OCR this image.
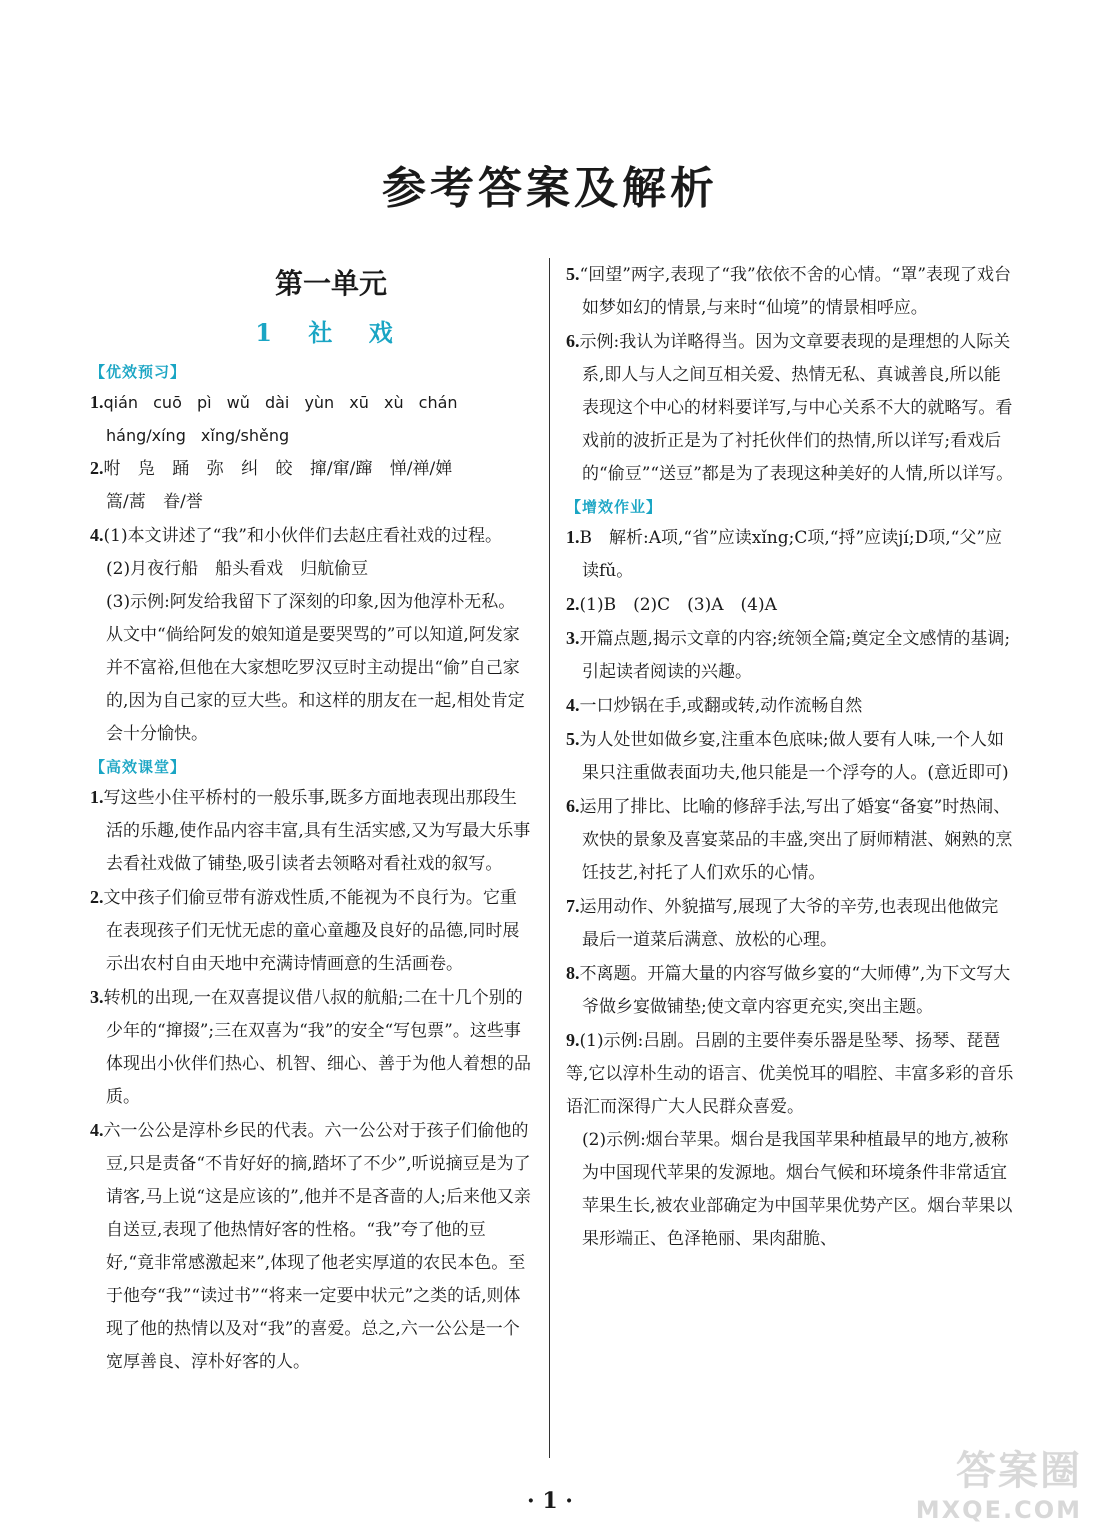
参考答案及解析
第一单元
1 社 戏
【优效预习】
1.qián cuō pì wǔ dài yùn xū xù chán
háng/xíng xǐng/shěng
2.咐 凫 踊 弥 纠 皎 撺/窜/蹿 惮/禅/婵
篙/蒿 眷/誉
4.(1)本文讲述了“我”和小伙伴们去赵庄看社戏的过程。
(2)月夜行船　船头看戏　归航偷豆
(3)示例:阿发给我留下了深刻的印象,因为他淳朴无私。从文中“倘给阿发的娘知道是要哭骂的”可以知道,阿发家并不富裕,但他在大家想吃罗汉豆时主动提出“偷”自己家的,因为自己家的豆大些。和这样的朋友在一起,相处肯定会十分愉快。
【高效课堂】
1.写这些小住平桥村的一般乐事,既多方面地表现出那段生活的乐趣,使作品内容丰富,具有生活实感,又为写最大乐事去看社戏做了铺垫,吸引读者去领略对看社戏的叙写。
2.文中孩子们偷豆带有游戏性质,不能视为不良行为。它重在表现孩子们无忧无虑的童心童趣及良好的品德,同时展示出农村自由天地中充满诗情画意的生活画卷。
3.转机的出现,一在双喜提议借八叔的航船;二在十几个别的少年的“撺掇”;三在双喜为“我”的安全“写包票”。这些事体现出小伙伴们热心、机智、细心、善于为他人着想的品质。
4.六一公公是淳朴乡民的代表。六一公公对于孩子们偷他的豆,只是责备“不肯好好的摘,踏坏了不少”,听说摘豆是为了请客,马上说“这是应该的”,他并不是吝啬的人;后来他又亲自送豆,表现了他热情好客的性格。“我”夸了他的豆好,“竟非常感激起来”,体现了他老实厚道的农民本色。至于他夸“我”“读过书”“将来一定要中状元”之类的话,则体现了他的热情以及对“我”的喜爱。总之,六一公公是一个宽厚善良、淳朴好客的人。
5.“回望”两字,表现了“我”依依不舍的心情。“罩”表现了戏台如梦如幻的情景,与来时“仙境”的情景相呼应。
6.示例:我认为详略得当。因为文章要表现的是理想的人际关系,即人与人之间互相关爱、热情无私、真诚善良,所以能表现这个中心的材料要详写,与中心关系不大的就略写。看戏前的波折正是为了衬托伙伴们的热情,所以详写;看戏后的“偷豆”“送豆”都是为了表现这种美好的人情,所以详写。
【增效作业】
1.B　解析:A项,“省”应读xǐng;C项,“捋”应读jí;D项,“父”应读fǔ。
2.(1)B　(2)C　(3)A　(4)A
3.开篇点题,揭示文章的内容;统领全篇;奠定全文感情的基调;引起读者阅读的兴趣。
4.一口炒锅在手,或翻或转,动作流畅自然
5.为人处世如做乡宴,注重本色底味;做人要有人味,一个人如果只注重做表面功夫,他只能是一个浮夸的人。(意近即可)
6.运用了排比、比喻的修辞手法,写出了婚宴“备宴”时热闹、欢快的景象及喜宴菜品的丰盛,突出了厨师精湛、娴熟的烹饪技艺,衬托了人们欢乐的心情。
7.运用动作、外貌描写,展现了大爷的辛劳,也表现出他做完最后一道菜后满意、放松的心理。
8.不离题。开篇大量的内容写做乡宴的“大师傅”,为下文写大爷做乡宴做铺垫;使文章内容更充实,突出主题。
9.(1)示例:吕剧。吕剧的主要伴奏乐器是坠琴、扬琴、琵琶等,它以淳朴生动的语言、优美悦耳的唱腔、丰富多彩的音乐语汇而深得广大人民群众喜爱。
(2)示例:烟台苹果。烟台是我国苹果种植最早的地方,被称为中国现代苹果的发源地。烟台气候和环境条件非常适宜苹果生长,被农业部确定为中国苹果优势产区。烟台苹果以果形端正、色泽艳丽、果肉甜脆、
· 1 ·
答案圈
MXQE.COM
